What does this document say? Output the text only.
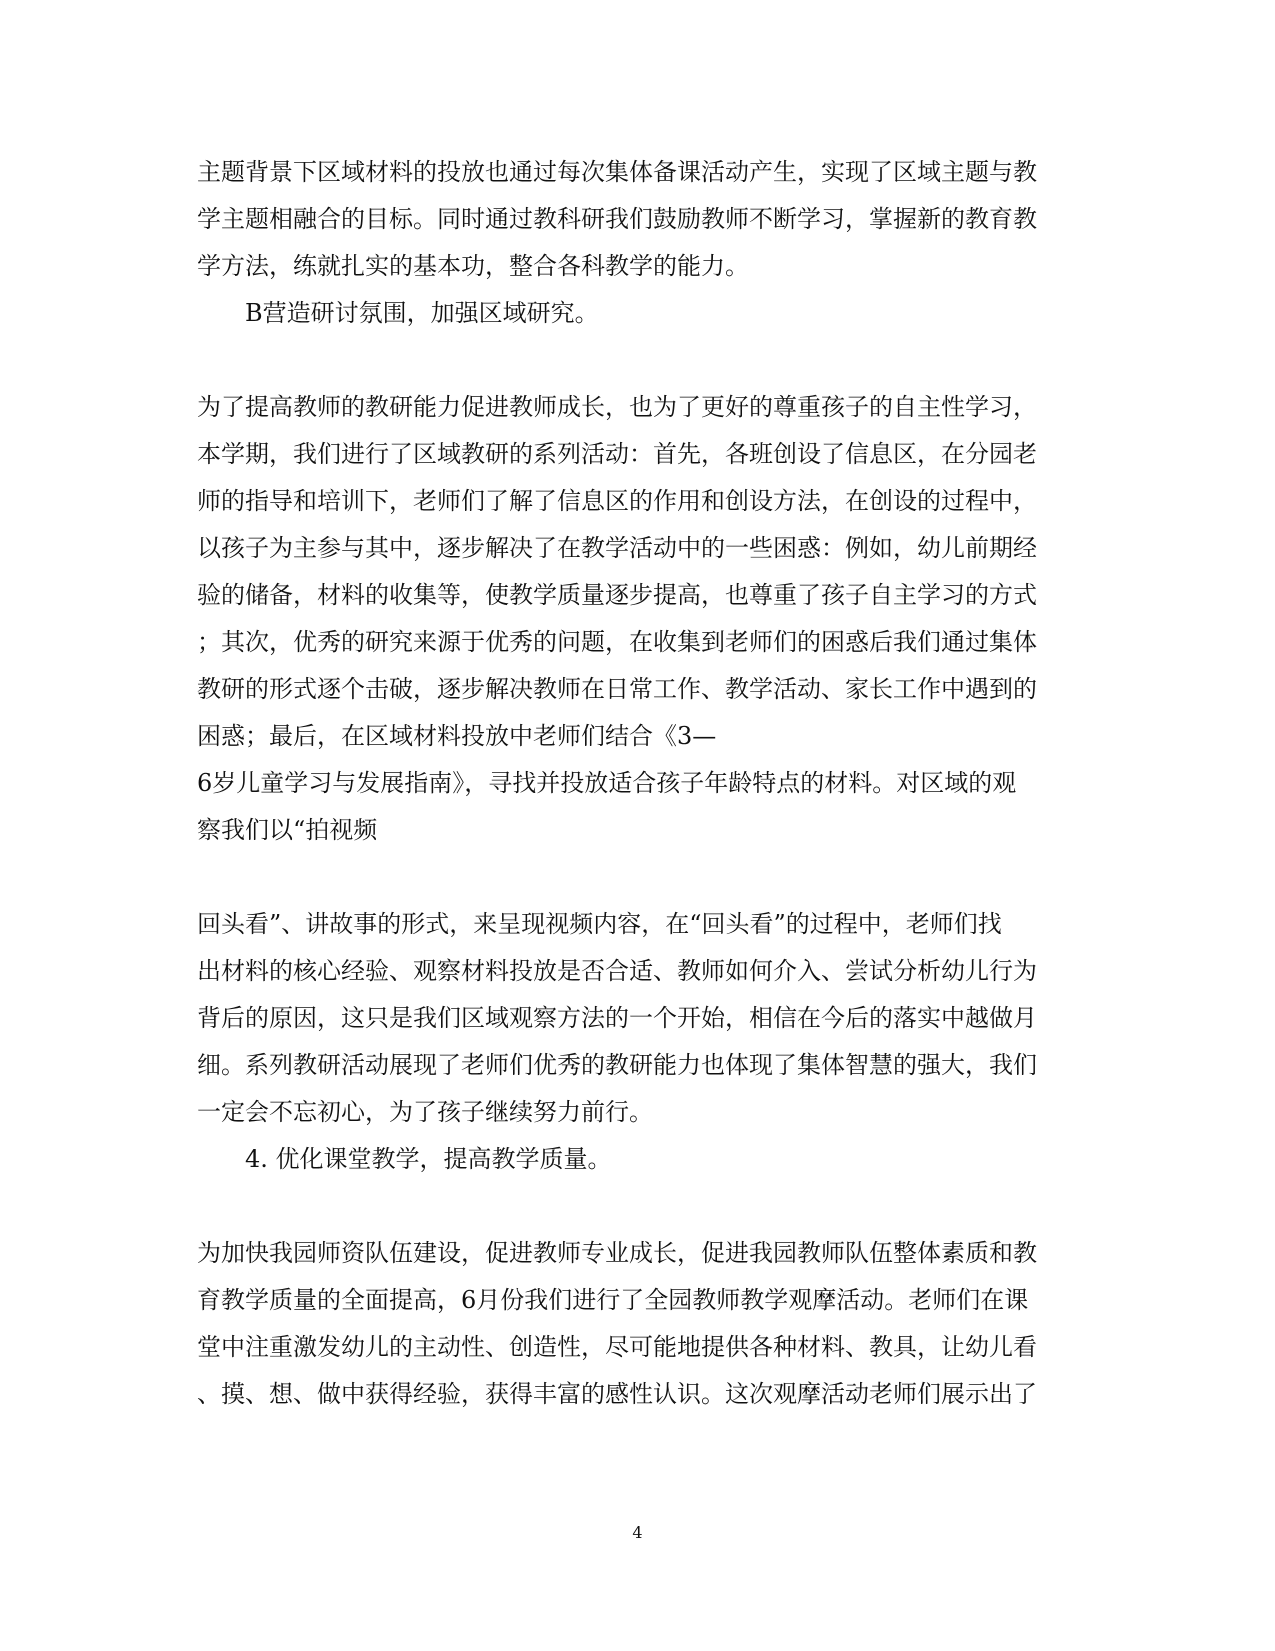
主题背景下区域材料的投放也通过每次集体备课活动产生，实现了区域主题与教
学主题相融合的目标。同时通过教科研我们鼓励教师不断学习，掌握新的教育教
学方法，练就扎实的基本功，整合各科教学的能力。
B营造研讨氛围，加强区域研究。
为了提高教师的教研能力促进教师成长，也为了更好的尊重孩子的自主性学习，
本学期，我们进行了区域教研的系列活动：首先，各班创设了信息区，在分园老
师的指导和培训下，老师们了解了信息区的作用和创设方法，在创设的过程中，
以孩子为主参与其中，逐步解决了在教学活动中的一些困惑：例如，幼儿前期经
验的储备，材料的收集等，使教学质量逐步提高，也尊重了孩子自主学习的方式
；其次，优秀的研究来源于优秀的问题，在收集到老师们的困惑后我们通过集体
教研的形式逐个击破，逐步解决教师在日常工作、教学活动、家长工作中遇到的
困惑；最后，在区域材料投放中老师们结合《3—
6岁儿童学习与发展指南》，寻找并投放适合孩子年龄特点的材料。对区域的观
察我们以“拍视频
回头看”、讲故事的形式，来呈现视频内容，在“回头看”的过程中，老师们找
出材料的核心经验、观察材料投放是否合适、教师如何介入、尝试分析幼儿行为
背后的原因，这只是我们区域观察方法的一个开始，相信在今后的落实中越做月
细。系列教研活动展现了老师们优秀的教研能力也体现了集体智慧的强大，我们
一定会不忘初心，为了孩子继续努力前行。
4. 优化课堂教学，提高教学质量。
为加快我园师资队伍建设，促进教师专业成长，促进我园教师队伍整体素质和教
育教学质量的全面提高，6月份我们进行了全园教师教学观摩活动。老师们在课
堂中注重激发幼儿的主动性、创造性，尽可能地提供各种材料、教具，让幼儿看
、摸、想、做中获得经验，获得丰富的感性认识。这次观摩活动老师们展示出了
4
